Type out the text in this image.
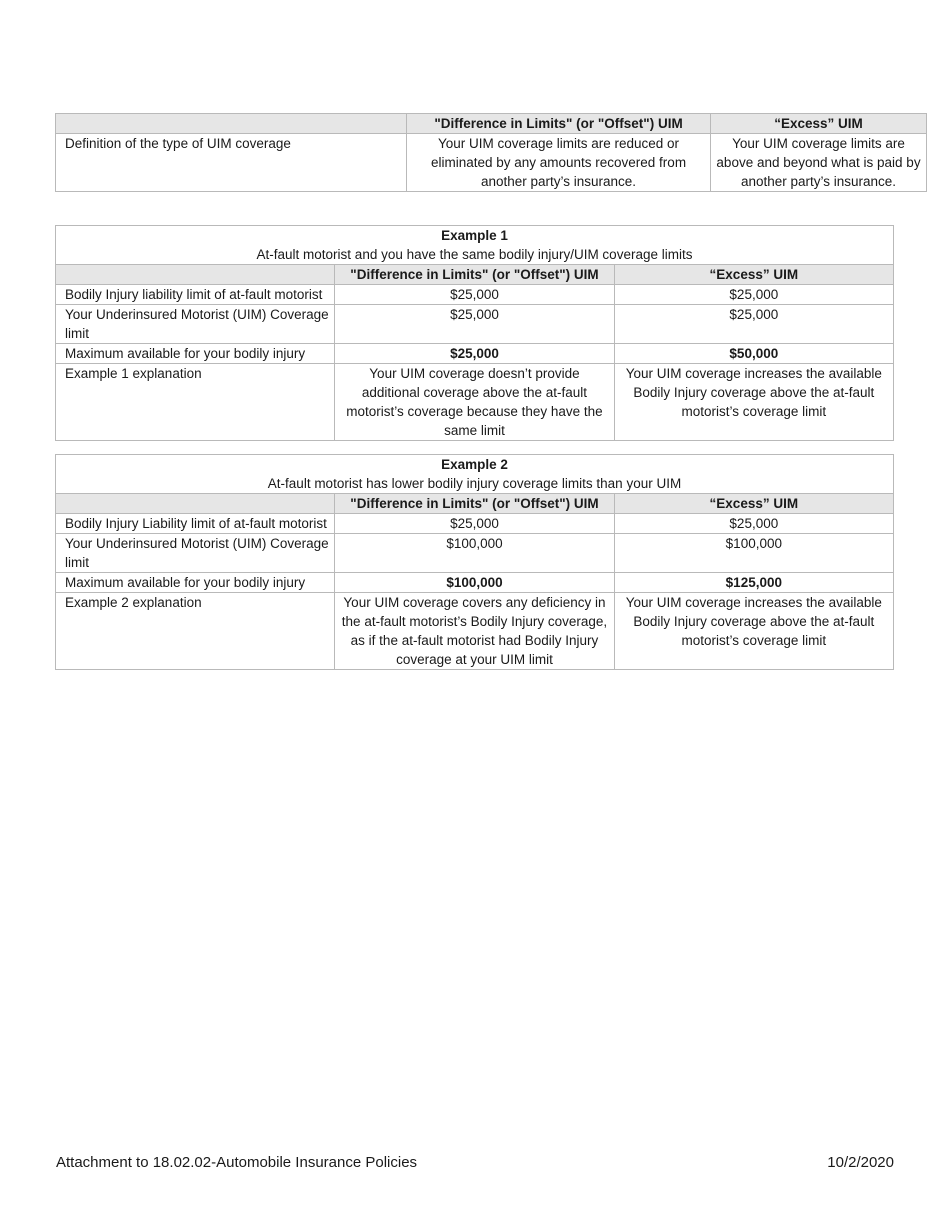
	"Difference in Limits" (or "Offset") UIM	“Excess” UIM
Definition of the type of UIM coverage	Your UIM coverage limits are reduced or eliminated by any amounts recovered from another party’s insurance.	Your UIM coverage limits are above and beyond what is paid by another party’s insurance.
Example 1
At-fault motorist and you have the same bodily injury/UIM coverage limits		
	"Difference in Limits" (or "Offset") UIM	“Excess” UIM
Bodily Injury liability limit of at-fault motorist	$25,000	$25,000
Your Underinsured Motorist (UIM) Coverage limit	$25,000	$25,000
Maximum available for your bodily injury	$25,000	$50,000
Example 1 explanation	Your UIM coverage doesn’t provide additional coverage above the at-fault motorist’s coverage because they have the same limit	Your UIM coverage increases the available Bodily Injury coverage above the at-fault motorist’s coverage limit
Example 2
At-fault motorist has lower bodily injury coverage limits than your UIM		
	"Difference in Limits" (or "Offset") UIM	“Excess” UIM
Bodily Injury Liability limit of at-fault motorist	$25,000	$25,000
Your Underinsured Motorist (UIM) Coverage limit	$100,000	$100,000
Maximum available for your bodily injury	$100,000	$125,000
Example 2 explanation	Your UIM coverage covers any deficiency in the at-fault motorist’s Bodily Injury coverage, as if the at-fault motorist had Bodily Injury coverage at your UIM limit	Your UIM coverage increases the available Bodily Injury coverage above the at-fault motorist’s coverage limit
Attachment to 18.02.02-Automobile Insurance Policies	10/2/2020
